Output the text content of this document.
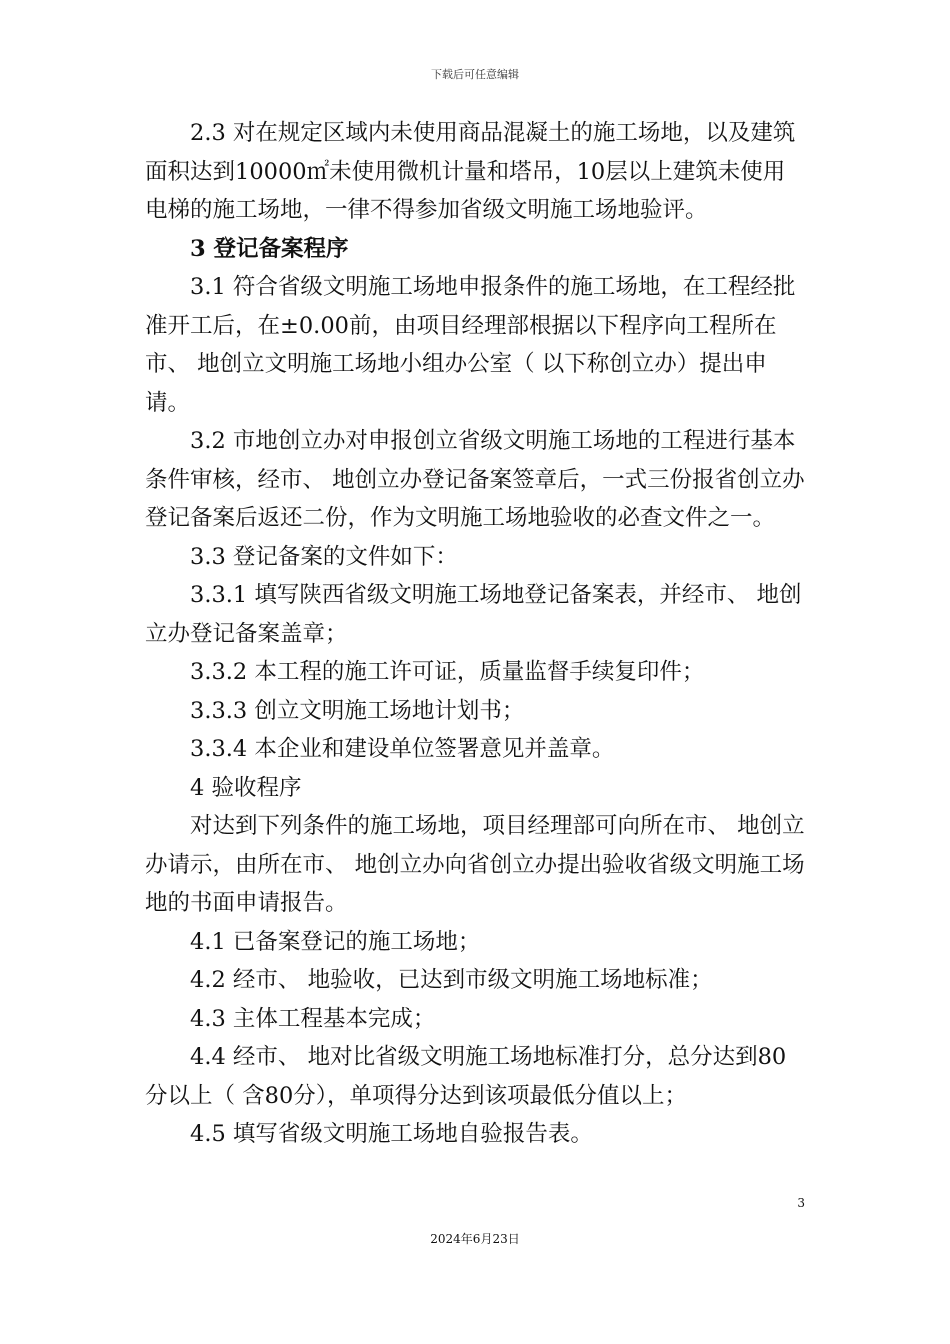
下载后可任意编辑

2.3 对在规定区域内未使用商品混凝土的施工场地，以及建筑面积达到10000㎡未使用微机计量和塔吊，10层以上建筑未使用电梯的施工场地，一律不得参加省级文明施工场地验评。

3 登记备案程序

3.1 符合省级文明施工场地申报条件的施工场地，在工程经批准开工后，在±0.00前，由项目经理部根据以下程序向工程所在市、 地创立文明施工场地小组办公室（ 以下称创立办）提出申请。

3.2 市地创立办对申报创立省级文明施工场地的工程进行基本条件审核，经市、 地创立办登记备案签章后，一式三份报省创立办登记备案后返还二份，作为文明施工场地验收的必查文件之一。

3.3 登记备案的文件如下：

3.3.1 填写陕西省级文明施工场地登记备案表，并经市、 地创立办登记备案盖章；

3.3.2 本工程的施工许可证，质量监督手续复印件；

3.3.3 创立文明施工场地计划书；

3.3.4 本企业和建设单位签署意见并盖章。

4 验收程序

对达到下列条件的施工场地，项目经理部可向所在市、 地创立办请示，由所在市、 地创立办向省创立办提出验收省级文明施工场地的书面申请报告。

4.1 已备案登记的施工场地；

4.2 经市、 地验收，已达到市级文明施工场地标准；

4.3 主体工程基本完成；

4.4 经市、 地对比省级文明施工场地标准打分，总分达到80分以上（ 含80分），单项得分达到该项最低分值以上；

4.5 填写省级文明施工场地自验报告表。

3
2024年6月23日
